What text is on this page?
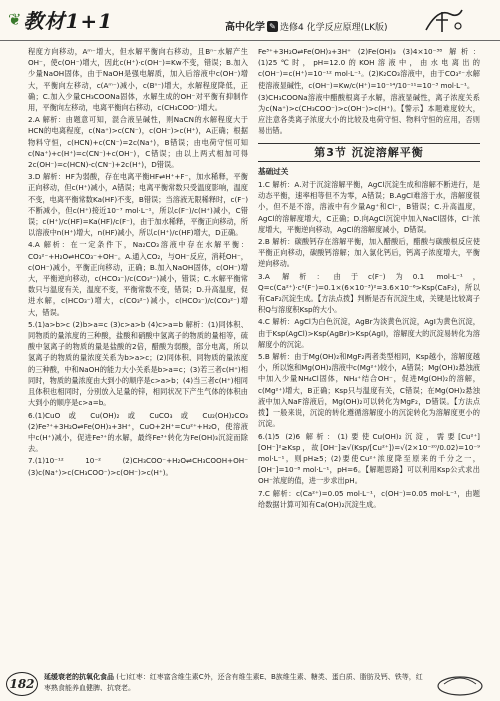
❦ 教材1+1	高中化学 ✎ 选修4 化学反应原理(LK版)

程度方向移动，Aᵐ⁻增大，但水解平衡向右移动，且Bⁿ⁻水解产生OH⁻，使c(OH⁻)增大，因此c(H⁺)·c(OH⁻)=Kw不变，错误；B.加入少量NaOH固体，由于NaOH是强电解质，加入后溶液中c(OH⁻)增大，平衡向左移动，c(Aᵐ⁻)减小，c(Bⁿ⁻)增大，水解程度降低，正确；C.加入少量CH₃COONa固体，水解生成的OH⁻对平衡有抑制作用，平衡向左移动，电离平衡向右移动，c(CH₃COO⁻)增大。

2.A 解析：由题意可知，混合液呈碱性，则NaCN的水解程度大于HCN的电离程度，c(Na⁺)>c(CN⁻)，c(OH⁻)>c(H⁺)，A正确；根据物料守恒，c(HCN)+c(CN⁻)=2c(Na⁺)，B错误；由电荷守恒可知c(Na⁺)+c(H⁺)=c(CN⁻)+c(OH⁻)，C错误；由以上两式相加可得2c(OH⁻)=c(HCN)-c(CN⁻)+2c(H⁺)，D错误。

3.D 解析：HF为弱酸，存在电离平衡HF⇌H⁺+F⁻，加水稀释，平衡正向移动，但c(H⁺)减小，A错误；电离平衡常数只受温度影响，温度不变，电离平衡常数Ka(HF)不变，B错误；当溶液无限稀释时，c(F⁻)不断减小，但c(H⁺)接近10⁻⁷ mol·L⁻¹，所以c(F⁻)/c(H⁺)减小，C错误；c(H⁺)/c(HF)=Ka(HF)/c(F⁻)，由于加水稀释，平衡正向移动，所以溶液中n(H⁺)增大，n(HF)减小，所以c(H⁺)/c(HF)增大，D正确。

4.A 解析：在一定条件下，Na₂CO₃溶液中存在水解平衡：CO₃²⁻+H₂O⇌HCO₃⁻+OH⁻。A.通入CO₂，与OH⁻反应，消耗OH⁻，c(OH⁻)减小，平衡正向移动，正确；B.加入NaOH固体，c(OH⁻)增大，平衡逆向移动，c(HCO₃⁻)/c(CO₃²⁻)减小，错误；C.水解平衡常数只与温度有关，温度不变，平衡常数不变，错误；D.升高温度，促进水解，c(HCO₃⁻)增大，c(CO₃²⁻)减小，c(HCO₃⁻)/c(CO₃²⁻)增大，错误。

5.(1)a>b>c (2)b>a=c (3)c>a>b (4)c>a=b 解析：(1)同体积、同物质的量浓度的三种酸，盐酸和硝酸中氢离子的物质的量相等，硫酸中氢离子的物质的量是盐酸的2倍，醋酸为弱酸，部分电离，所以氢离子的物质的量浓度关系为b>a>c；(2)同体积、同物质的量浓度的三种酸，中和NaOH的能力大小关系是b>a=c；(3)若三者c(H⁺)相同时，物质的量浓度由大到小的顺序是c>a>b；(4)当三者c(H⁺)相同且体积也相同时，分别放入足量的锌，相同状况下产生气体的体积由大到小的顺序是c>a=b。

6.(1)CuO 或 Cu(OH)₂ 或 CuCO₃ 或 Cu₂(OH)₂CO₃ (2)Fe³⁺+3H₂O⇌Fe(OH)₃+3H⁺，CuO+2H⁺=Cu²⁺+H₂O，使溶液中c(H⁺)减小，促进Fe³⁺的水解，最终Fe³⁺转化为Fe(OH)₃沉淀而除去。

7.(1)10⁻¹² 10⁻² (2)CH₃COO⁻+H₂O⇌CH₃COOH+OH⁻ (3)c(Na⁺)>c(CH₃COO⁻)>c(OH⁻)>c(H⁺)。

Fe³⁺+3H₂O⇌Fe(OH)₃+3H⁺ (2)Fe(OH)₃ (3)4×10⁻³⁸ 解析：(1)25℃时，pH=12.0的KOH溶液中，由水电离出的c(OH⁻)=c(H⁺)=10⁻¹² mol·L⁻¹。(2)K₂CO₃溶液中，由于CO₃²⁻水解使溶液显碱性，c(OH⁻)=Kw/c(H⁺)=10⁻¹⁴/10⁻¹¹=10⁻³ mol·L⁻¹。

(3)CH₃COONa溶液中醋酸根离子水解，溶液显碱性，离子浓度关系为c(Na⁺)>c(CH₃COO⁻)>c(OH⁻)>c(H⁺)。【警示】本题难度较大，应注意各类离子浓度大小的比较及电荷守恒、物料守恒的应用，否则易出错。

第3节 沉淀溶解平衡
基础过关

1.C 解析：A.对于沉淀溶解平衡，AgCl沉淀生成和溶解不断进行，是动态平衡，速率相等但不为零，A错误；B.AgCl难溶于水，溶解度很小，但不是不溶，溶液中有少量Ag⁺和Cl⁻，B错误；C.升高温度，AgCl的溶解度增大，C正确；D.向AgCl沉淀中加入NaCl固体，Cl⁻浓度增大，平衡逆向移动，AgCl的溶解度减小，D错误。

2.B 解析：碳酸钙存在溶解平衡，加入醋酸后，醋酸与碳酸根反应使平衡正向移动，碳酸钙溶解；加入氯化钙后，钙离子浓度增大，平衡逆向移动。

3.A 解析：由于c(F⁻)为0.1 mol·L⁻¹，Q=c(Ca²⁺)·c²(F⁻)=0.1×(6×10⁻³)²=3.6×10⁻⁶>Ksp(CaF₂)，所以有CaF₂沉淀生成。【方法点拨】判断是否有沉淀生成，关键是比较离子积Q与溶度积Ksp的大小。

4.C 解析：AgCl为白色沉淀，AgBr为淡黄色沉淀，AgI为黄色沉淀，由于Ksp(AgCl)>Ksp(AgBr)>Ksp(AgI)，溶解度大的沉淀易转化为溶解度小的沉淀。

5.B 解析：由于Mg(OH)₂和MgF₂两者类型相同，Ksp越小，溶解度越小，所以饱和Mg(OH)₂溶液中c(Mg²⁺)较小，A错误；Mg(OH)₂悬浊液中加入少量NH₄Cl固体，NH₄⁺结合OH⁻，促进Mg(OH)₂的溶解，c(Mg²⁺)增大，B正确；Ksp只与温度有关，C错误；在Mg(OH)₂悬浊液中加入NaF溶液后，Mg(OH)₂可以转化为MgF₂，D错误。【方法点拨】一般来说，沉淀的转化遵循溶解度小的沉淀转化为溶解度更小的沉淀。

6.(1)5 (2)6 解析：(1)要使Cu(OH)₂沉淀，需要[Cu²⁺][OH⁻]²≥Ksp，故[OH⁻]≥√(Ksp/[Cu²⁺])=√(2×10⁻²⁰/0.02)=10⁻⁹ mol·L⁻¹，则pH≥5；(2)要使Cu²⁺浓度降至原来的千分之一，[OH⁻]=10⁻⁸ mol·L⁻¹，pH=6。【解题思路】可以利用Ksp公式求出OH⁻浓度的值，进一步求出pH。

7.C 解析：c(Ca²⁺)=0.05 mol·L⁻¹，c(OH⁻)=0.05 mol·L⁻¹，由题给数据计算可知有Ca(OH)₂沉淀生成。

182	延缓衰老的抗氧化食品 (七)红枣：红枣富含维生素C外，还含有维生素E、B族维生素、糖类、蛋白质、脂肪及钙、铁等，红枣熟食能养血健脾、抗衰老。
